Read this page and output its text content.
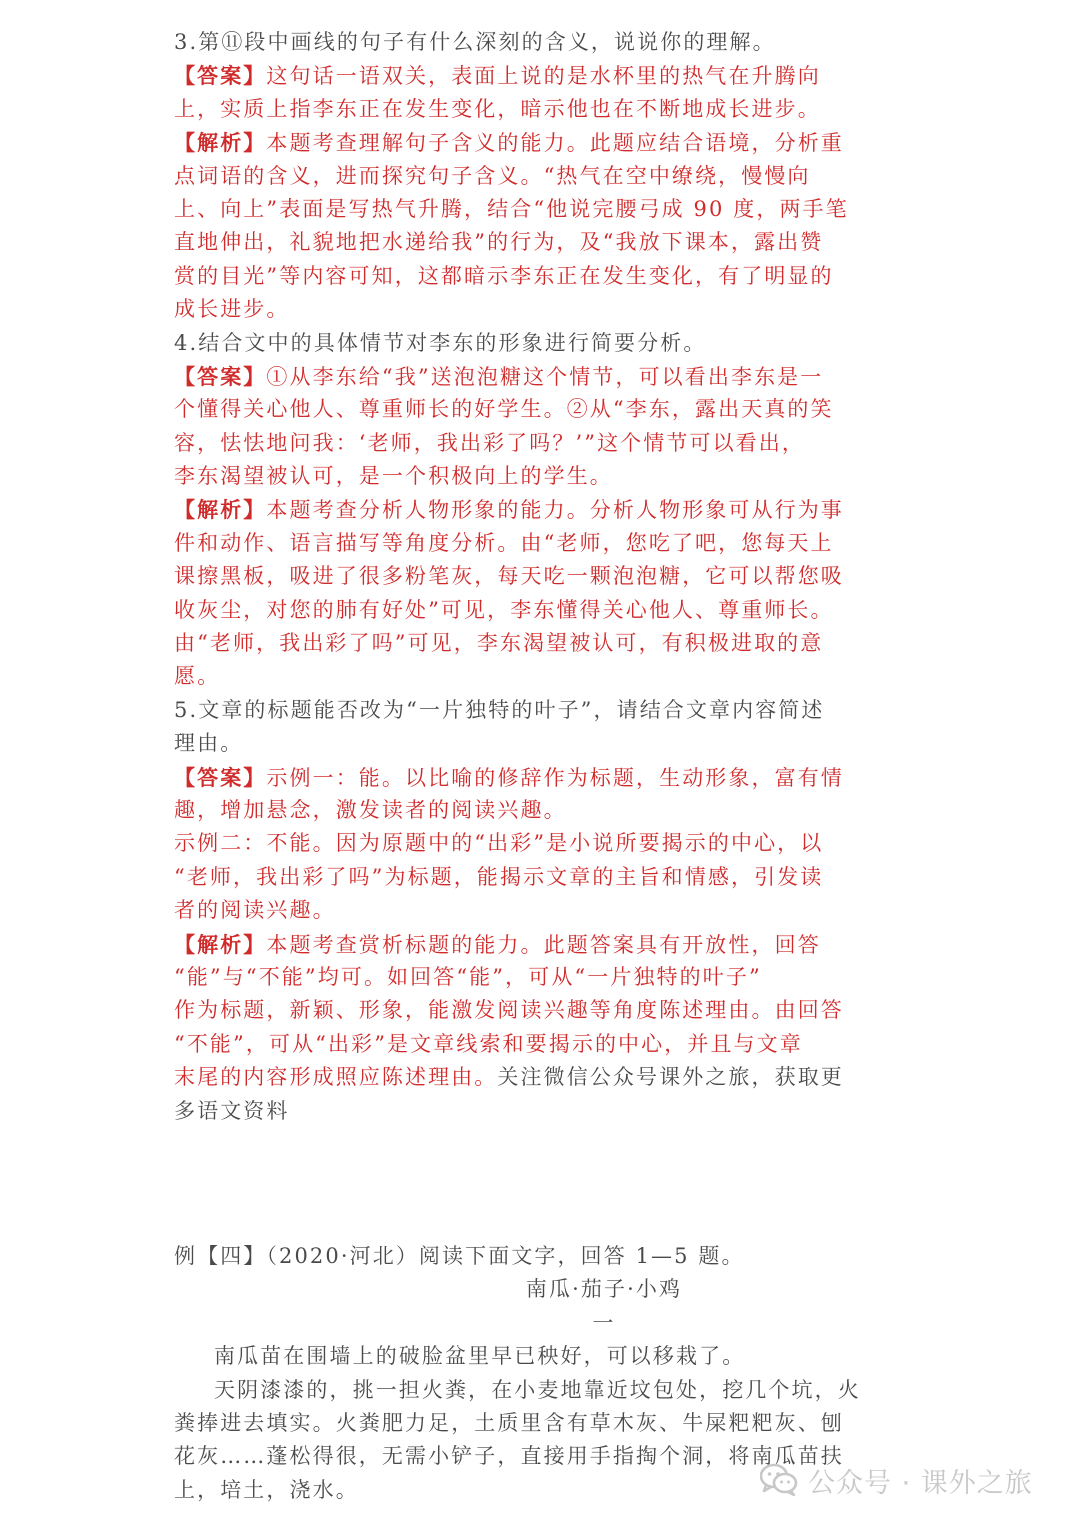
3.第⑪段中画线的句子有什么深刻的含义，说说你的理解。
【答案】这句话一语双关，表面上说的是水杯里的热气在升腾向
上，实质上指李东正在发生变化，暗示他也在不断地成长进步。
【解析】本题考查理解句子含义的能力。此题应结合语境，分析重
点词语的含义，进而探究句子含义。“热气在空中缭绕，慢慢向
上、向上”表面是写热气升腾，结合“他说完腰弓成 90 度，两手笔
直地伸出，礼貌地把水递给我”的行为，及“我放下课本，露出赞
赏的目光”等内容可知，这都暗示李东正在发生变化，有了明显的
成长进步。
4.结合文中的具体情节对李东的形象进行简要分析。
【答案】①从李东给“我”送泡泡糖这个情节，可以看出李东是一
个懂得关心他人、尊重师长的好学生。②从“李东，露出天真的笑
容，怯怯地问我：‘老师，我出彩了吗？’”这个情节可以看出，
李东渴望被认可，是一个积极向上的学生。
【解析】本题考查分析人物形象的能力。分析人物形象可从行为事
件和动作、语言描写等角度分析。由“老师，您吃了吧，您每天上
课擦黑板，吸进了很多粉笔灰，每天吃一颗泡泡糖，它可以帮您吸
收灰尘，对您的肺有好处”可见，李东懂得关心他人、尊重师长。
由“老师，我出彩了吗”可见，李东渴望被认可，有积极进取的意
愿。
5.文章的标题能否改为“一片独特的叶子”，请结合文章内容简述
理由。
【答案】示例一：能。以比喻的修辞作为标题，生动形象，富有情
趣，增加悬念，激发读者的阅读兴趣。
示例二：不能。因为原题中的“出彩”是小说所要揭示的中心，以
“老师，我出彩了吗”为标题，能揭示文章的主旨和情感，引发读
者的阅读兴趣。
【解析】本题考查赏析标题的能力。此题答案具有开放性，回答
“能”与“不能”均可。如回答“能”，可从“一片独特的叶子”
作为标题，新颖、形象，能激发阅读兴趣等角度陈述理由。由回答
“不能”，可从“出彩”是文章线索和要揭示的中心，并且与文章
末尾的内容形成照应陈述理由。关注微信公众号课外之旅，获取更
多语文资料
例【四】（2020·河北）阅读下面文字，回答 1—5 题。
南瓜·茄子·小鸡
一
南瓜苗在围墙上的破脸盆里早已秧好，可以移栽了。
天阴漆漆的，挑一担火粪，在小麦地靠近坟包处，挖几个坑，火
粪捧进去填实。火粪肥力足，土质里含有草木灰、牛屎粑粑灰、刨
花灰……蓬松得很，无需小铲子，直接用手指掏个洞，将南瓜苗扶
上，培土，浇水。	公众号 · 课外之旅
